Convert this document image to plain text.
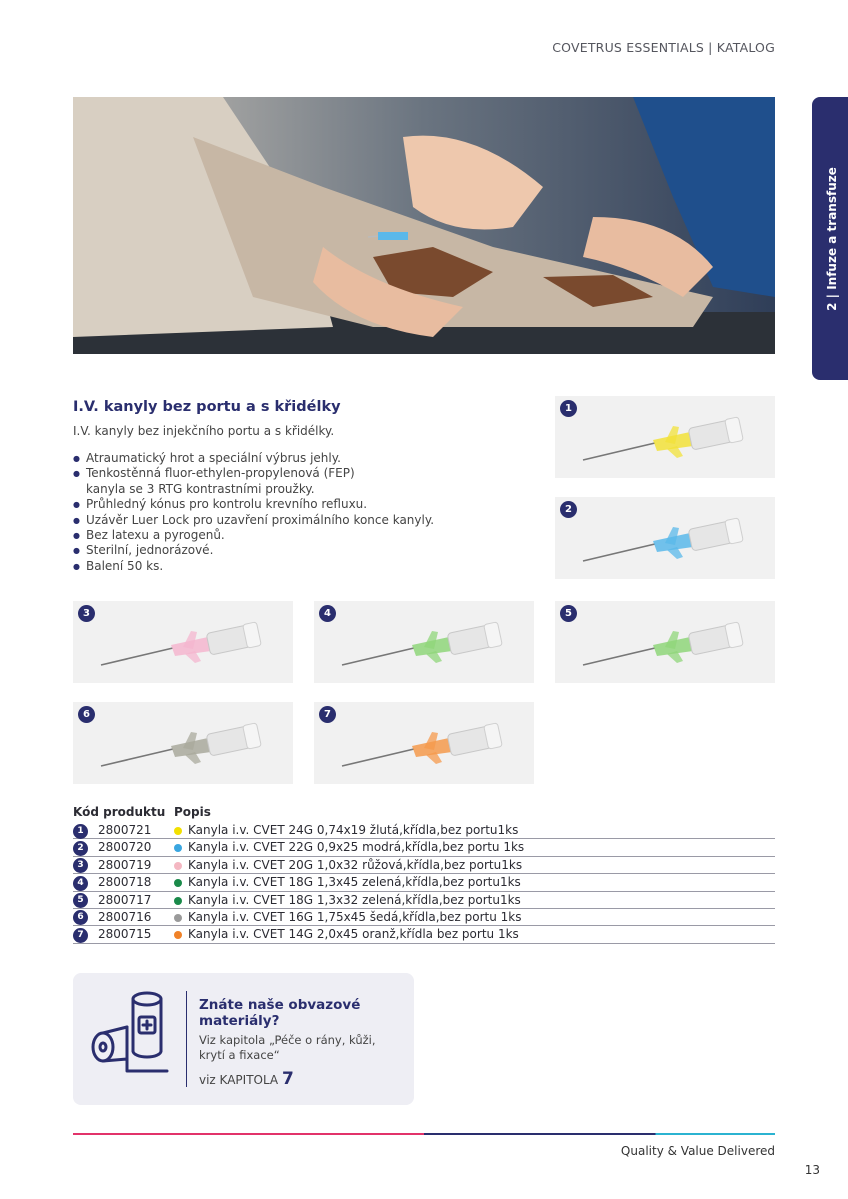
COVETRUS ESSENTIALS | KATALOG
2 | Infuze a transfuze
I.V. kanyly bez portu a s křidélky
I.V. kanyly bez injekčního portu a s křidélky.
● Atraumatický hrot a speciální výbrus jehly.
● Tenkostěnná fluor-ethylen-propylenová (FEP)
kanyla se 3 RTG kontrastními proužky.
● Průhledný kónus pro kontrolu krevního refluxu.
● Uzávěr Luer Lock pro uzavření proximálního konce kanyly.
● Bez latexu a pyrogenů.
● Sterilní, jednorázové.
● Balení 50 ks.
1
2
3	4	5
6	7
Kód produktu Popis
1	2800721	Kanyla i.v. CVET 24G 0,74x19 žlutá,křídla,bez portu1ks
2	2800720	Kanyla i.v. CVET 22G 0,9x25 modrá,křídla,bez portu 1ks
3	2800719	Kanyla i.v. CVET 20G 1,0x32 růžová,křídla,bez portu1ks
4	2800718	Kanyla i.v. CVET 18G 1,3x45 zelená,křídla,bez portu1ks
5	2800717	Kanyla i.v. CVET 18G 1,3x32 zelená,křídla,bez portu1ks
6	2800716	Kanyla i.v. CVET 16G 1,75x45 šedá,křídla,bez portu 1ks
7	2800715	Kanyla i.v. CVET 14G 2,0x45 oranž,křídla bez portu 1ks
Znáte naše obvazové materiály?
Viz kapitola „Péče o rány, kůži, krytí a fixace“
viz KAPITOLA 7
Quality & Value Delivered
13
